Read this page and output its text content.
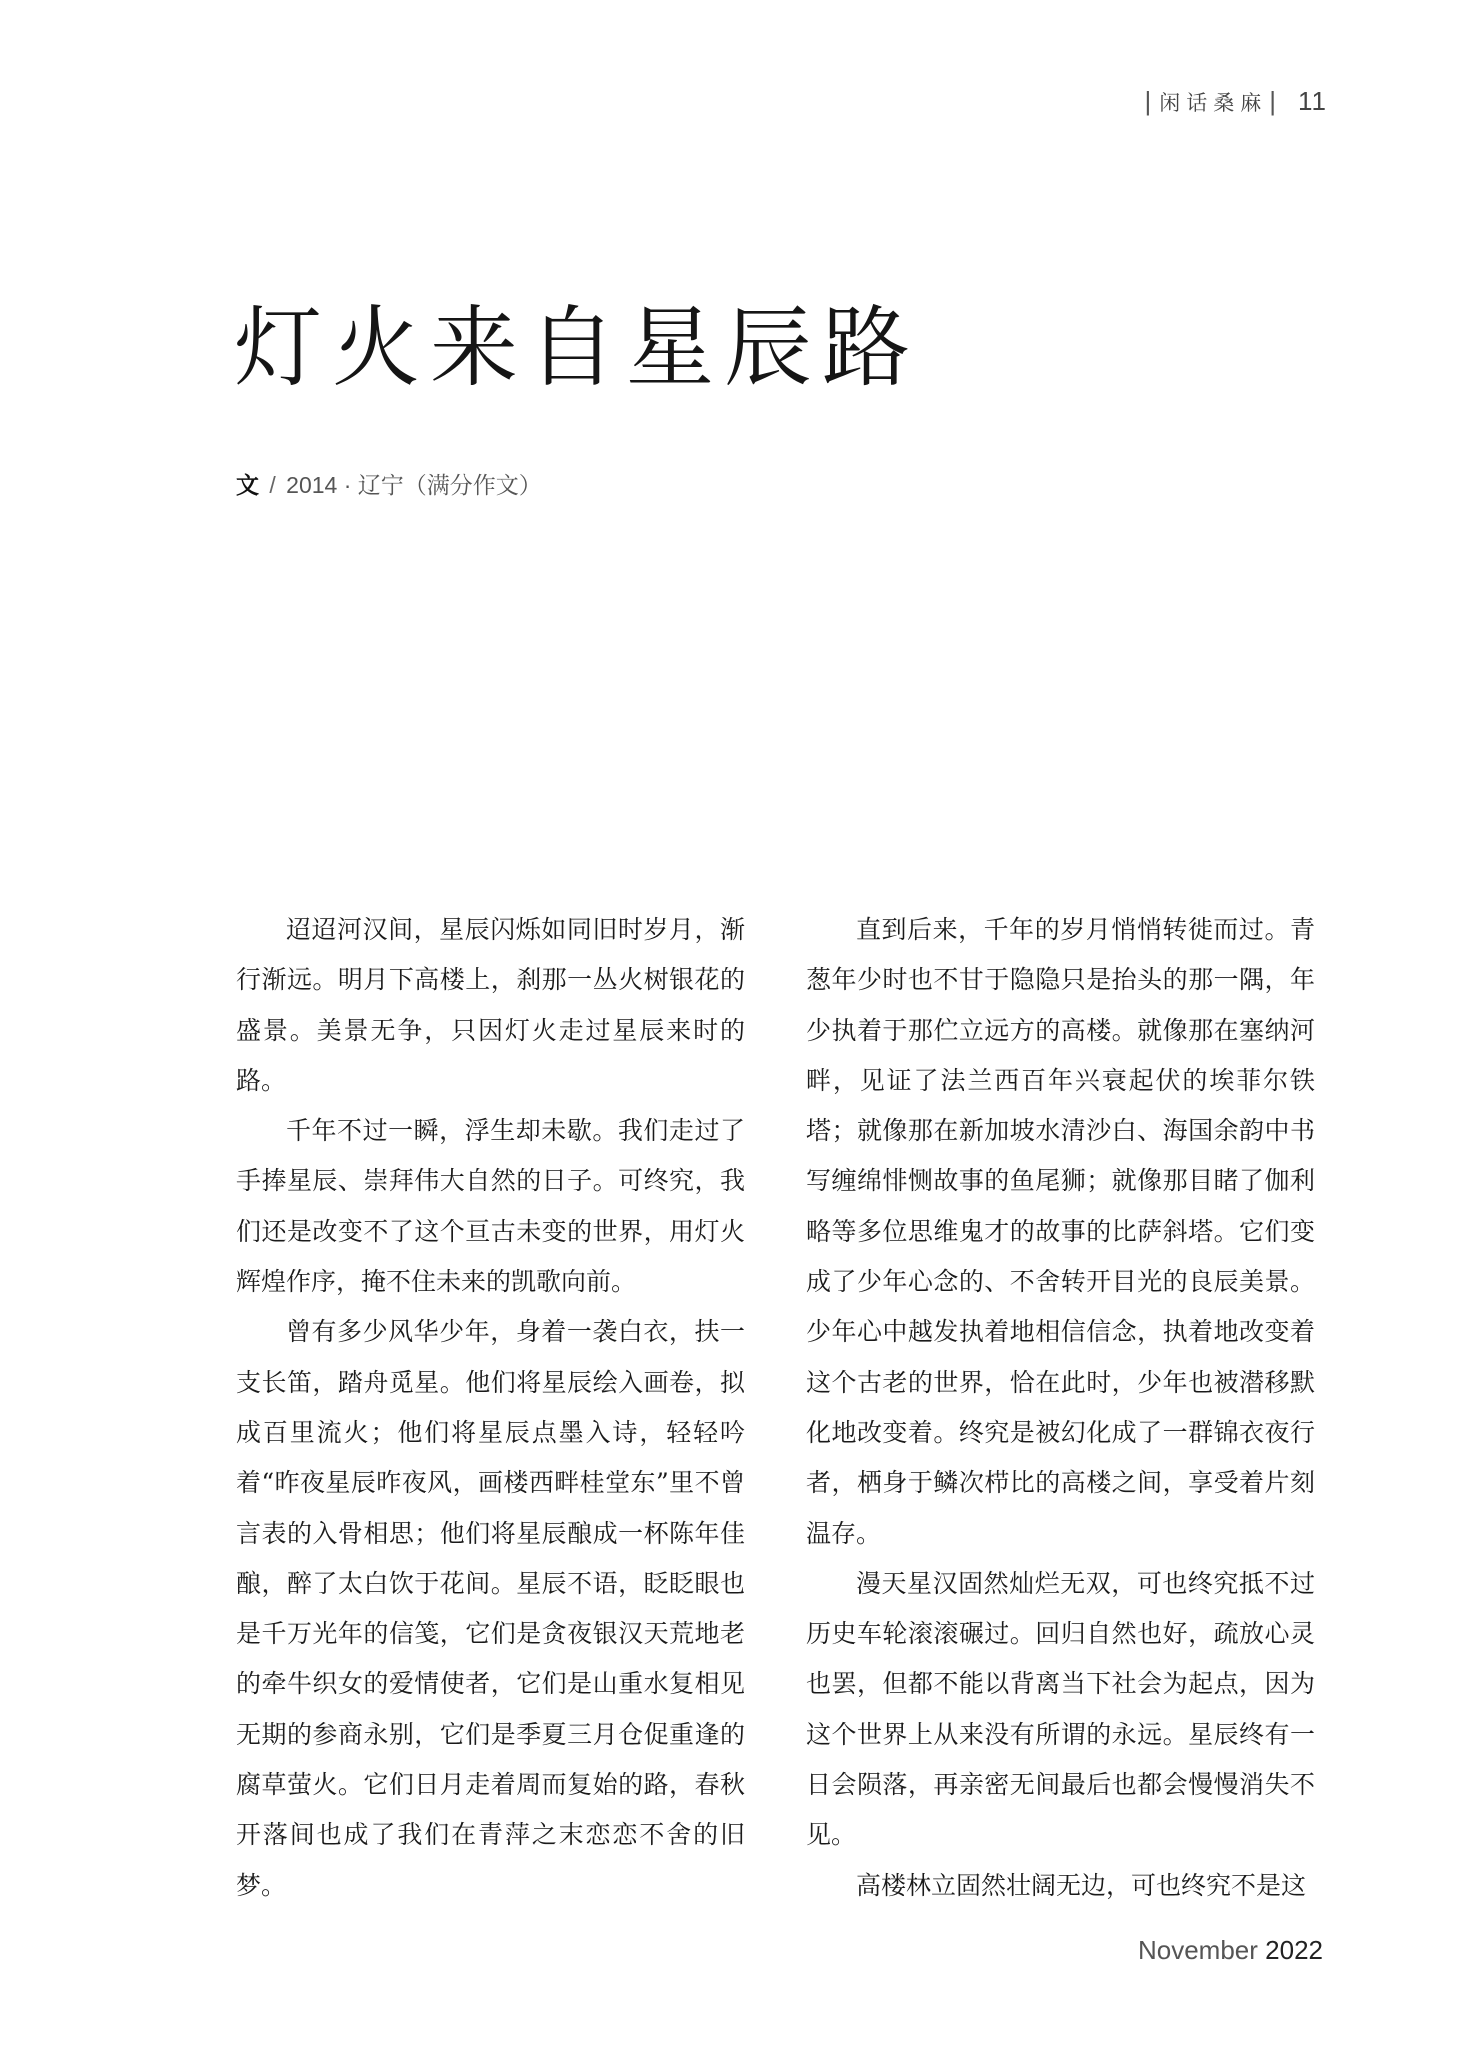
| 闲话桑麻 | 11
灯火来自星辰路
文 / 2014 · 辽宁（满分作文）

迢迢河汉间，星辰闪烁如同旧时岁月，渐行渐远。明月下高楼上，刹那一丛火树银花的盛景。美景无争，只因灯火走过星辰来时的路。

千年不过一瞬，浮生却未歇。我们走过了手捧星辰、崇拜伟大自然的日子。可终究，我们还是改变不了这个亘古未变的世界，用灯火辉煌作序，掩不住未来的凯歌向前。

曾有多少风华少年，身着一袭白衣，扶一支长笛，踏舟觅星。他们将星辰绘入画卷，拟成百里流火；他们将星辰点墨入诗，轻轻吟着“昨夜星辰昨夜风，画楼西畔桂堂东”里不曾言表的入骨相思；他们将星辰酿成一杯陈年佳酿，醉了太白饮于花间。星辰不语，眨眨眼也是千万光年的信笺，它们是贪夜银汉天荒地老的牵牛织女的爱情使者，它们是山重水复相见无期的参商永别，它们是季夏三月仓促重逢的腐草萤火。它们日月走着周而复始的路，春秋开落间也成了我们在青萍之末恋恋不舍的旧梦。

直到后来，千年的岁月悄悄转徙而过。青葱年少时也不甘于隐隐只是抬头的那一隅，年少执着于那伫立远方的高楼。就像那在塞纳河畔，见证了法兰西百年兴衰起伏的埃菲尔铁塔；就像那在新加坡水清沙白、海国余韵中书写缠绵悱恻故事的鱼尾狮；就像那目睹了伽利略等多位思维鬼才的故事的比萨斜塔。它们变成了少年心念的、不舍转开目光的良辰美景。少年心中越发执着地相信信念，执着地改变着这个古老的世界，恰在此时，少年也被潜移默化地改变着。终究是被幻化成了一群锦衣夜行者，栖身于鳞次栉比的高楼之间，享受着片刻温存。

漫天星汉固然灿烂无双，可也终究抵不过历史车轮滚滚碾过。回归自然也好，疏放心灵也罢，但都不能以背离当下社会为起点，因为这个世界上从来没有所谓的永远。星辰终有一日会陨落，再亲密无间最后也都会慢慢消失不见。

高楼林立固然壮阔无边，可也终究不是这

November 2022
